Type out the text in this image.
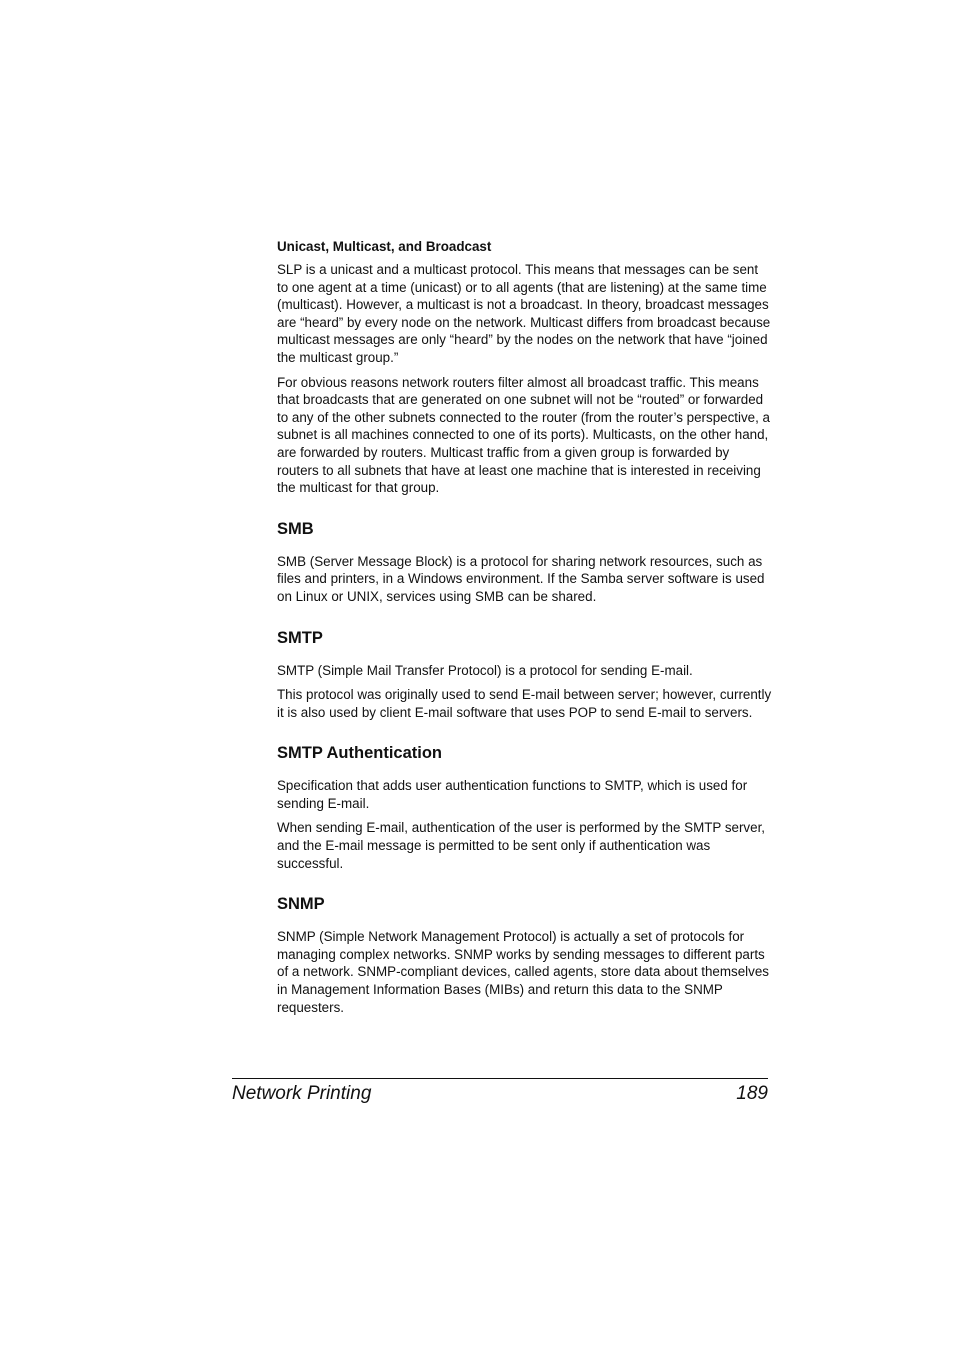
Unicast, Multicast, and Broadcast

SLP is a unicast and a multicast protocol. This means that messages can be sent to one agent at a time (unicast) or to all agents (that are listening) at the same time (multicast). However, a multicast is not a broadcast. In theory, broadcast messages are “heard” by every node on the network. Multicast differs from broadcast because multicast messages are only “heard” by the nodes on the network that have “joined the multicast group.”

For obvious reasons network routers filter almost all broadcast traffic. This means that broadcasts that are generated on one subnet will not be “routed” or forwarded to any of the other subnets connected to the router (from the router’s perspective, a subnet is all machines connected to one of its ports). Multicasts, on the other hand, are forwarded by routers. Multicast traffic from a given group is forwarded by routers to all subnets that have at least one machine that is interested in receiving the multicast for that group.

SMB

SMB (Server Message Block) is a protocol for sharing network resources, such as files and printers, in a Windows environment. If the Samba server software is used on Linux or UNIX, services using SMB can be shared.

SMTP

SMTP (Simple Mail Transfer Protocol) is a protocol for sending E-mail.

This protocol was originally used to send E-mail between server; however, currently it is also used by client E-mail software that uses POP to send E-mail to servers.

SMTP Authentication

Specification that adds user authentication functions to SMTP, which is used for sending E-mail.

When sending E-mail, authentication of the user is performed by the SMTP server, and the E-mail message is permitted to be sent only if authentication was successful.

SNMP

SNMP (Simple Network Management Protocol) is actually a set of protocols for managing complex networks. SNMP works by sending messages to different parts of a network. SNMP-compliant devices, called agents, store data about themselves in Management Information Bases (MIBs) and return this data to the SNMP requesters.

Network Printing	189
